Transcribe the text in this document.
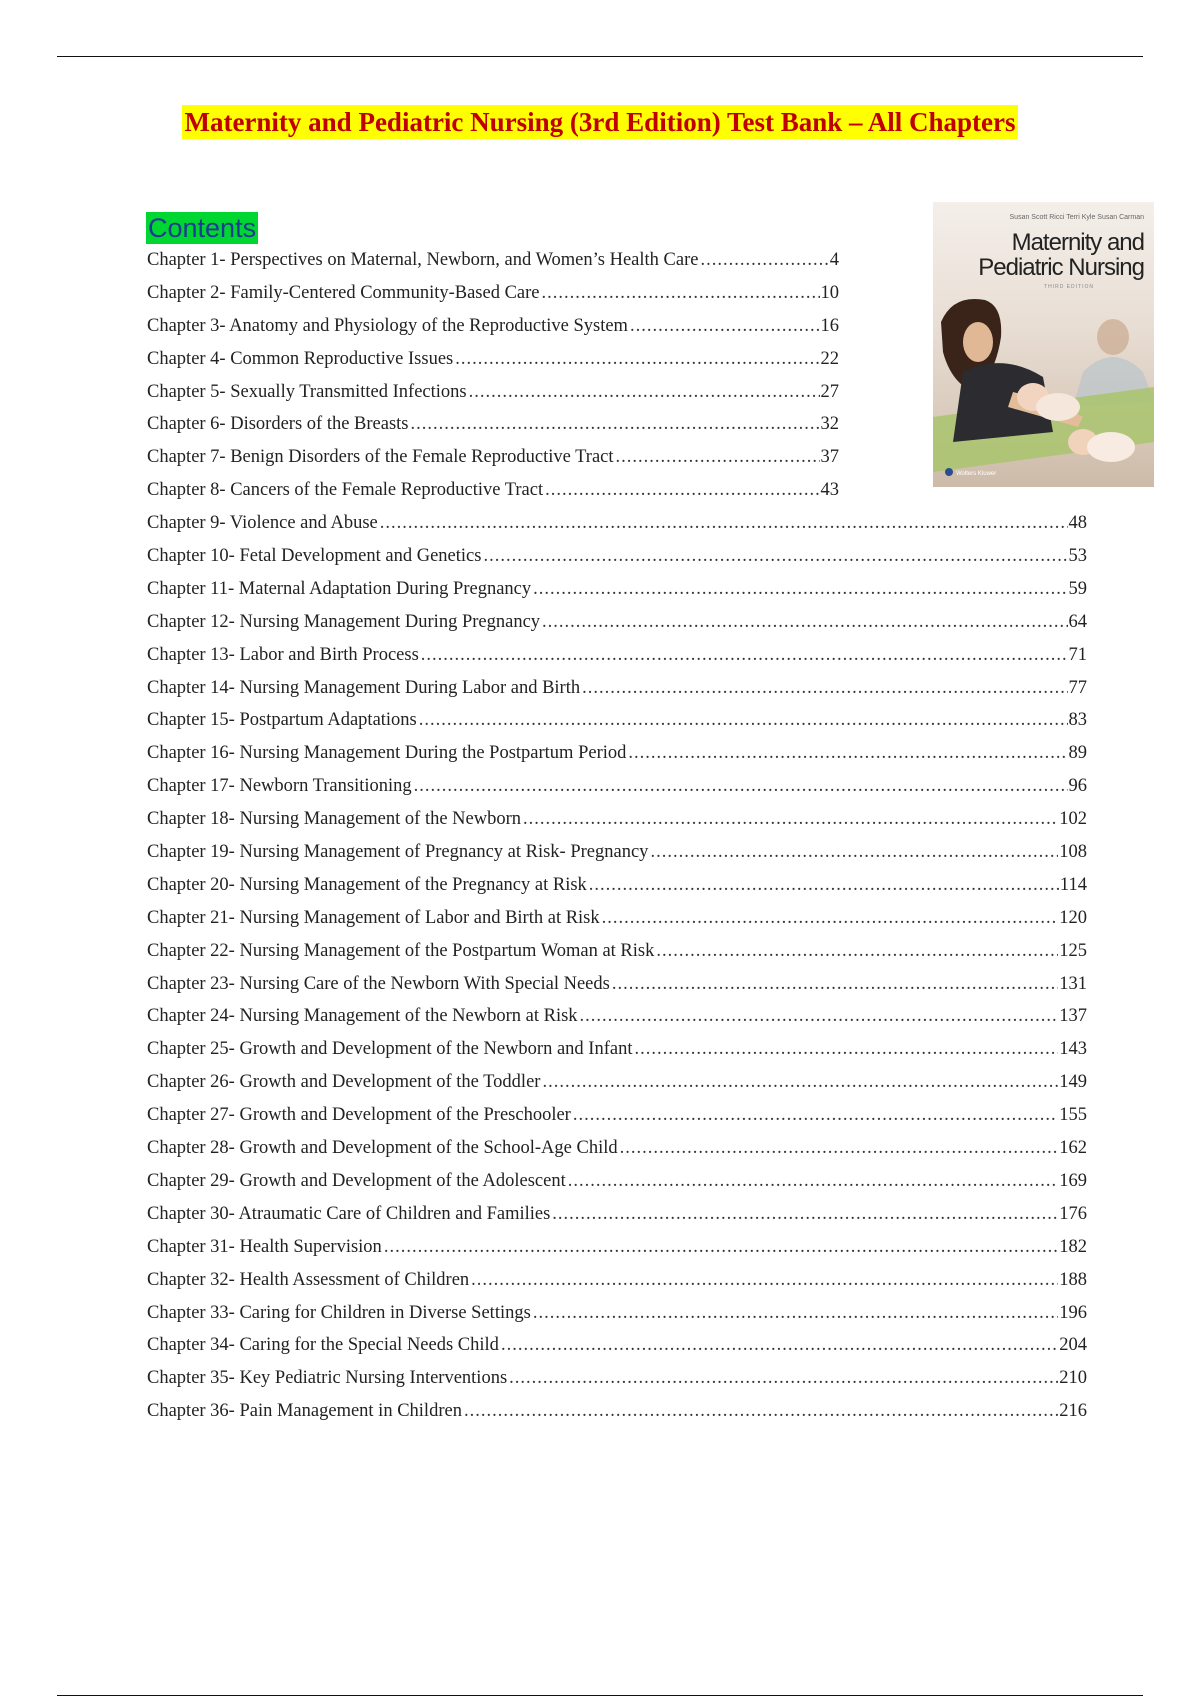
Maternity and Pediatric Nursing (3rd Edition) Test Bank – All Chapters
Contents
Chapter 1- Perspectives on Maternal, Newborn, and Women’s Health Care .....	4
Chapter 2- Family-Centered Community-Based Care .....	10
Chapter 3- Anatomy and Physiology of the Reproductive System .....	16
Chapter 4- Common Reproductive Issues .....	22
Chapter 5- Sexually Transmitted Infections .....	27
Chapter 6- Disorders of the Breasts .....	32
Chapter 7- Benign Disorders of the Female Reproductive Tract .....	37
Chapter 8- Cancers of the Female Reproductive Tract .....	43
Chapter 9- Violence and Abuse .....	48
Chapter 10- Fetal Development and Genetics .....	53
Chapter 11- Maternal Adaptation During Pregnancy .....	59
Chapter 12- Nursing Management During Pregnancy .....	64
Chapter 13- Labor and Birth Process .....	71
Chapter 14- Nursing Management During Labor and Birth .....	77
Chapter 15- Postpartum Adaptations .....	83
Chapter 16- Nursing Management During the Postpartum Period .....	89
Chapter 17- Newborn Transitioning .....	96
Chapter 18- Nursing Management of the Newborn .....	102
Chapter 19- Nursing Management of Pregnancy at Risk- Pregnancy .....	108
Chapter 20- Nursing Management of the Pregnancy at Risk .....	114
Chapter 21- Nursing Management of Labor and Birth at Risk .....	120
Chapter 22- Nursing Management of the Postpartum Woman at Risk .....	125
Chapter 23- Nursing Care of the Newborn With Special Needs .....	131
Chapter 24- Nursing Management of the Newborn at Risk .....	137
Chapter 25- Growth and Development of the Newborn and Infant .....	143
Chapter 26- Growth and Development of the Toddler .....	149
Chapter 27- Growth and Development of the Preschooler .....	155
Chapter 28- Growth and Development of the School-Age Child .....	162
Chapter 29- Growth and Development of the Adolescent .....	169
Chapter 30- Atraumatic Care of Children and Families .....	176
Chapter 31- Health Supervision .....	182
Chapter 32- Health Assessment of Children .....	188
Chapter 33- Caring for Children in Diverse Settings .....	196
Chapter 34- Caring for the Special Needs Child .....	204
Chapter 35- Key Pediatric Nursing Interventions .....	210
Chapter 36- Pain Management in Children .....	216
Wolters Kluwer
Susan Scott Ricci Terri Kyle Susan Carman
Maternity and Pediatric Nursing
THIRD EDITION
